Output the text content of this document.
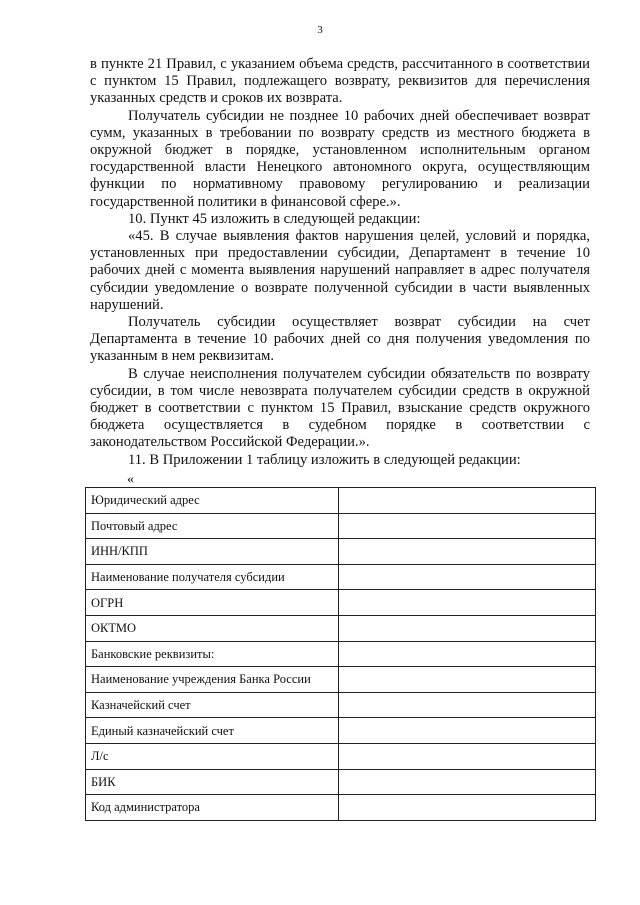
3

в пункте 21 Правил, с указанием объема средств, рассчитанного в соответствии с пунктом 15 Правил, подлежащего возврату, реквизитов для перечисления указанных средств и сроков их возврата.

Получатель субсидии не позднее 10 рабочих дней обеспечивает возврат сумм, указанных в требовании по возврату средств из местного бюджета в окружной бюджет в порядке, установленном исполнительным органом государственной власти Ненецкого автономного округа, осуществляющим функции по нормативному правовому регулированию и реализации государственной политики в финансовой сфере.».

10. Пункт 45 изложить в следующей редакции:

«45. В случае выявления фактов нарушения целей, условий и порядка, установленных при предоставлении субсидии, Департамент в течение 10 рабочих дней с момента выявления нарушений направляет в адрес получателя субсидии уведомление о возврате полученной субсидии в части выявленных нарушений.

Получатель субсидии осуществляет возврат субсидии на счет Департамента в течение 10 рабочих дней со дня получения уведомления по указанным в нем реквизитам.

В случае неисполнения получателем субсидии обязательств по возврату субсидии, в том числе невозврата получателем субсидии средств в окружной бюджет в соответствии с пунктом 15 Правил, взыскание средств окружного бюджета осуществляется в судебном порядке в соответствии с законодательством Российской Федерации.».

11. В Приложении 1 таблицу изложить в следующей редакции:

«
Юридический адрес	
Почтовый адрес	
ИНН/КПП	
Наименование получателя субсидии	
ОГРН	
ОКТМО	
Банковские реквизиты:	
Наименование учреждения Банка России	
Казначейский счет	
Единый казначейский счет	
Л/с	
БИК	
Код администратора	
